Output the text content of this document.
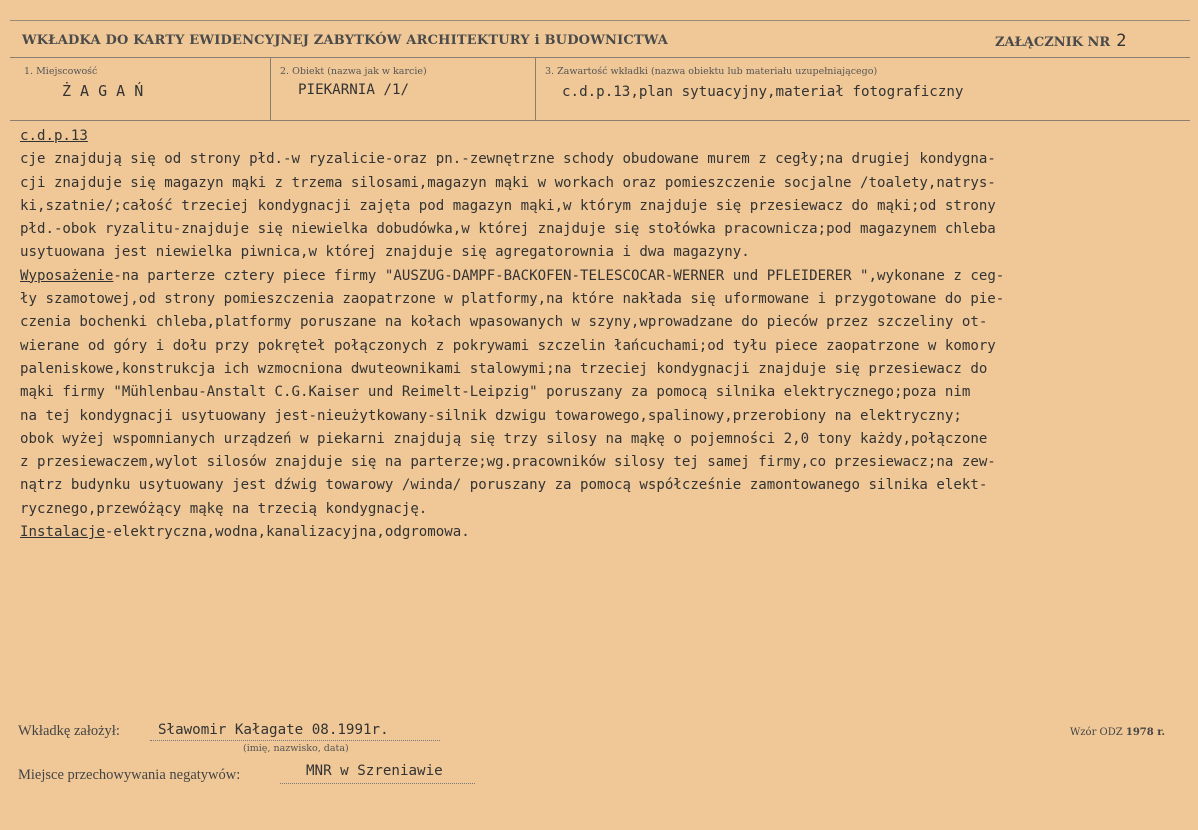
WKŁADKA DO KARTY EWIDENCYJNEJ ZABYTKÓW ARCHITEKTURY i BUDOWNICTWA	ZAŁĄCZNIK NR 2
1. Miejscowość
Ż A G A Ń
2. Obiekt (nazwa jak w karcie)
PIEKARNIA /1/
3. Zawartość wkładki (nazwa obiektu lub materiału uzupełniającego)
c.d.p.13,plan sytuacyjny,materiał fotograficzny
c.d.p.13
cje znajdują się od strony płd.-w ryzalicie-oraz pn.-zewnętrzne schody obudowane murem z cegły;na drugiej kondygna-
cji znajduje się magazyn mąki z trzema silosami,magazyn mąki w workach oraz pomieszczenie socjalne /toalety,natrys-
ki,szatnie/;całość trzeciej kondygnacji zajęta pod magazyn mąki,w którym znajduje się przesiewacz do mąki;od strony
płd.-obok ryzalitu-znajduje się niewielka dobudówka,w której znajduje się stołówka pracownicza;pod magazynem chleba
usytuowana jest niewielka piwnica,w której znajduje się agregatorownia i dwa magazyny.
Wyposażenie-na parterze cztery piece firmy "AUSZUG-DAMPF-BACKOFEN-TELESCOCAR-WERNER und PFLEIDERER ",wykonane z ceg-
ły szamotowej,od strony pomieszczenia zaopatrzone w platformy,na które nakłada się uformowane i przygotowane do pie-
czenia bochenki chleba,platformy poruszane na kołach wpasowanych w szyny,wprowadzane do pieców przez szczeliny ot-
wierane od góry i dołu przy pokręteł połączonych z pokrywami szczelin łańcuchami;od tyłu piece zaopatrzone w komory
paleniskowe,konstrukcja ich wzmocniona dwuteownikami stalowymi;na trzeciej kondygnacji znajduje się przesiewacz do
mąki firmy "Mühlenbau-Anstalt C.G.Kaiser und Reimelt-Leipzig" poruszany za pomocą silnika elektrycznego;poza nim
na tej kondygnacji usytuowany jest-nieużytkowany-silnik dzwigu towarowego,spalinowy,przerobiony na elektryczny;
obok wyżej wspomnianych urządzeń w piekarni znajdują się trzy silosy na mąkę o pojemności 2,0 tony każdy,połączone
z przesiewaczem,wylot silosów znajduje się na parterze;wg.pracowników silosy tej samej firmy,co przesiewacz;na zew-
nątrz budynku usytuowany jest dźwig towarowy /winda/ poruszany za pomocą współcześnie zamontowanego silnika elekt-
rycznego,przewóżący mąkę na trzecią kondygnację.
Instalacje-elektryczna,wodna,kanalizacyjna,odgromowa.
Wkładkę założył:	Sławomir Kałagate 08.1991r.
(imię, nazwisko, data)
Wzór ODZ 1978 r.
Miejsce przechowywania negatywów:	MNR w Szreniawie
